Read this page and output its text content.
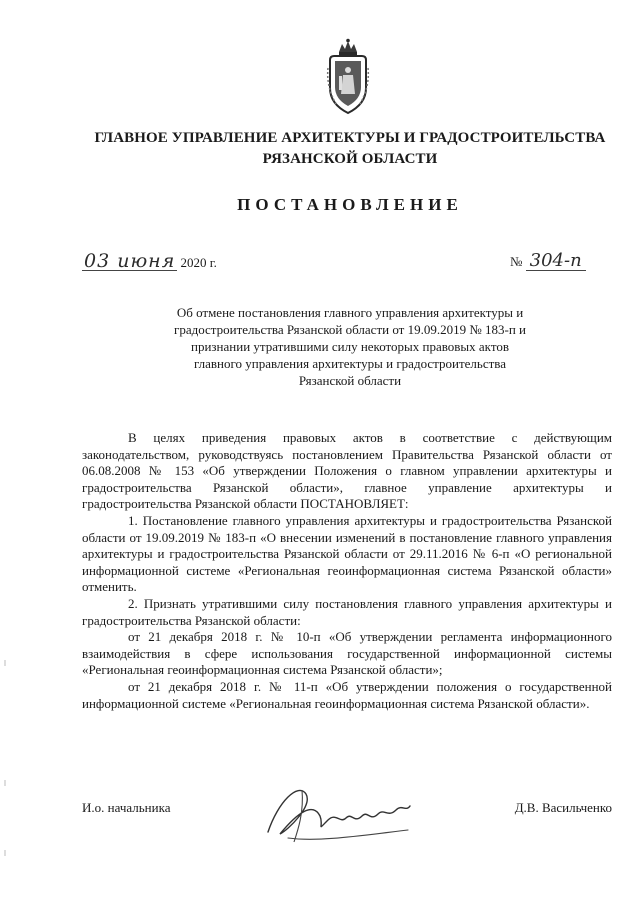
ГЛАВНОЕ УПРАВЛЕНИЕ АРХИТЕКТУРЫ И ГРАДОСТРОИТЕЛЬСТВА
РЯЗАНСКОЙ ОБЛАСТИ
ПОСТАНОВЛЕНИЕ
03 июня 2020 г.	№ 304-п
Об отмене постановления главного управления архитектуры и
градостроительства Рязанской области от 19.09.2019 № 183-п и
признании утратившими силу некоторых правовых актов
главного управления архитектуры и градостроительства
Рязанской области

В целях приведения правовых актов в соответствие с действующим законодательством, руководствуясь постановлением Правительства Рязанской области от 06.08.2008 № 153 «Об утверждении Положения о главном управлении архитектуры и градостроительства Рязанской области», главное управление архитектуры и градостроительства Рязанской области ПОСТАНОВЛЯЕТ:

1. Постановление главного управления архитектуры и градостроительства Рязанской области от 19.09.2019 № 183-п «О внесении изменений в постановление главного управления архитектуры и градостроительства Рязанской области от 29.11.2016 № 6-п «О региональной информационной системе «Региональная геоинформационная система Рязанской области» отменить.

2. Признать утратившими силу постановления главного управления архитектуры и градостроительства Рязанской области:

от 21 декабря 2018 г. № 10-п «Об утверждении регламента информационного взаимодействия в сфере использования государственной информационной системы «Региональная геоинформационная система Рязанской области»;

от 21 декабря 2018 г. № 11-п «Об утверждении положения о государственной информационной системе «Региональная геоинформационная система Рязанской области».

И.о. начальника	Д.В. Васильченко
